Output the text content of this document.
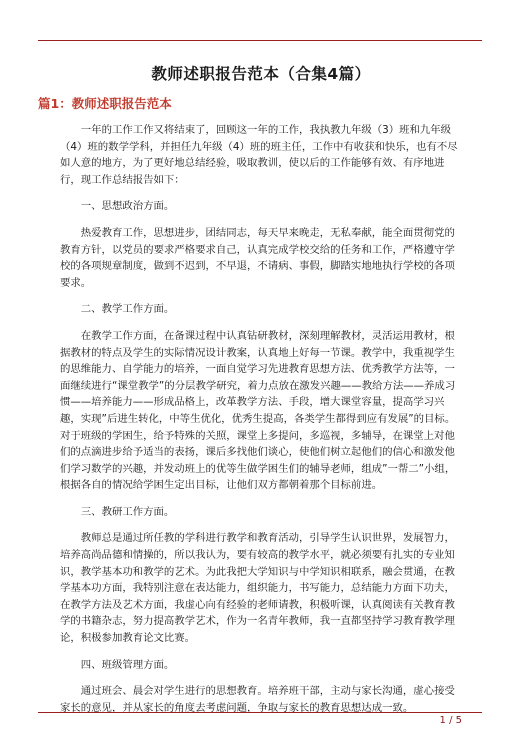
教师述职报告范本（合集4篇）
篇1：教师述职报告范本

一年的工作工作又将结束了，回顾这一年的工作，我执教九年级（3）班和九年级（4）班的数学学科，并担任九年级（4）班的班主任，工作中有收获和快乐，也有不尽如人意的地方，为了更好地总结经验，吸取教训，使以后的工作能够有效、有序地进行，现工作总结报告如下：

一、思想政治方面。

热爱教育工作，思想进步，团结同志，每天早来晚走，无私奉献，能全面贯彻党的教育方针，以党员的要求严格要求自己，认真完成学校交给的任务和工作，严格遵守学校的各项规章制度，做到不迟到，不早退，不请病、事假，脚踏实地地执行学校的各项要求。

二、教学工作方面。

在教学工作方面，在备课过程中认真钻研教材，深刻理解教材，灵活运用教材，根据教材的特点及学生的实际情况设计教案，认真地上好每一节课。教学中，我重视学生的思维能力、自学能力的培养，一面自觉学习先进教育思想方法、优秀教学方法等，一面继续进行“课堂教学”的分层教学研究，着力点放在激发兴趣——教给方法——养成习惯——培养能力——形成品格上，改革教学方法、手段，增大课堂容量，提高学习兴趣，实现”后进生转化，中等生优化，优秀生提高，各类学生都得到应有发展”的目标。对于班级的学困生，给予特殊的关照，课堂上多提问，多巡视，多辅导，在课堂上对他们的点滴进步给予适当的表扬，课后多找他们谈心，使他们树立起他们的信心和激发他们学习数学的兴趣，并发动班上的优等生做学困生们的辅导老师，组成”一帮二”小组，根据各自的情况给学困生定出目标，让他们双方都朝着那个目标前进。

三、教研工作方面。

教师总是通过所任教的学科进行教学和教育活动，引导学生认识世界，发展智力，培养高尚品德和情操的，所以我认为，要有较高的教学水平，就必须要有扎实的专业知识，教学基本功和教学的艺术。为此我把大学知识与中学知识相联系，融会贯通，在教学基本功方面，我特别注意在表达能力，组织能力，书写能力，总结能力方面下功夫，在教学方法及艺术方面，我虚心向有经验的老师请教，积极听课，认真阅读有关教育教学的书籍杂志，努力提高教学艺术，作为一名青年教师，我一直都坚持学习教育教学理论，积极参加教育论文比赛。

四、班级管理方面。

通过班会、晨会对学生进行的思想教育。培养班干部，主动与家长沟通，虚心接受家长的意见，并从家长的角度去考虑问题，争取与家长的教育思想达成一致。

1 / 5
